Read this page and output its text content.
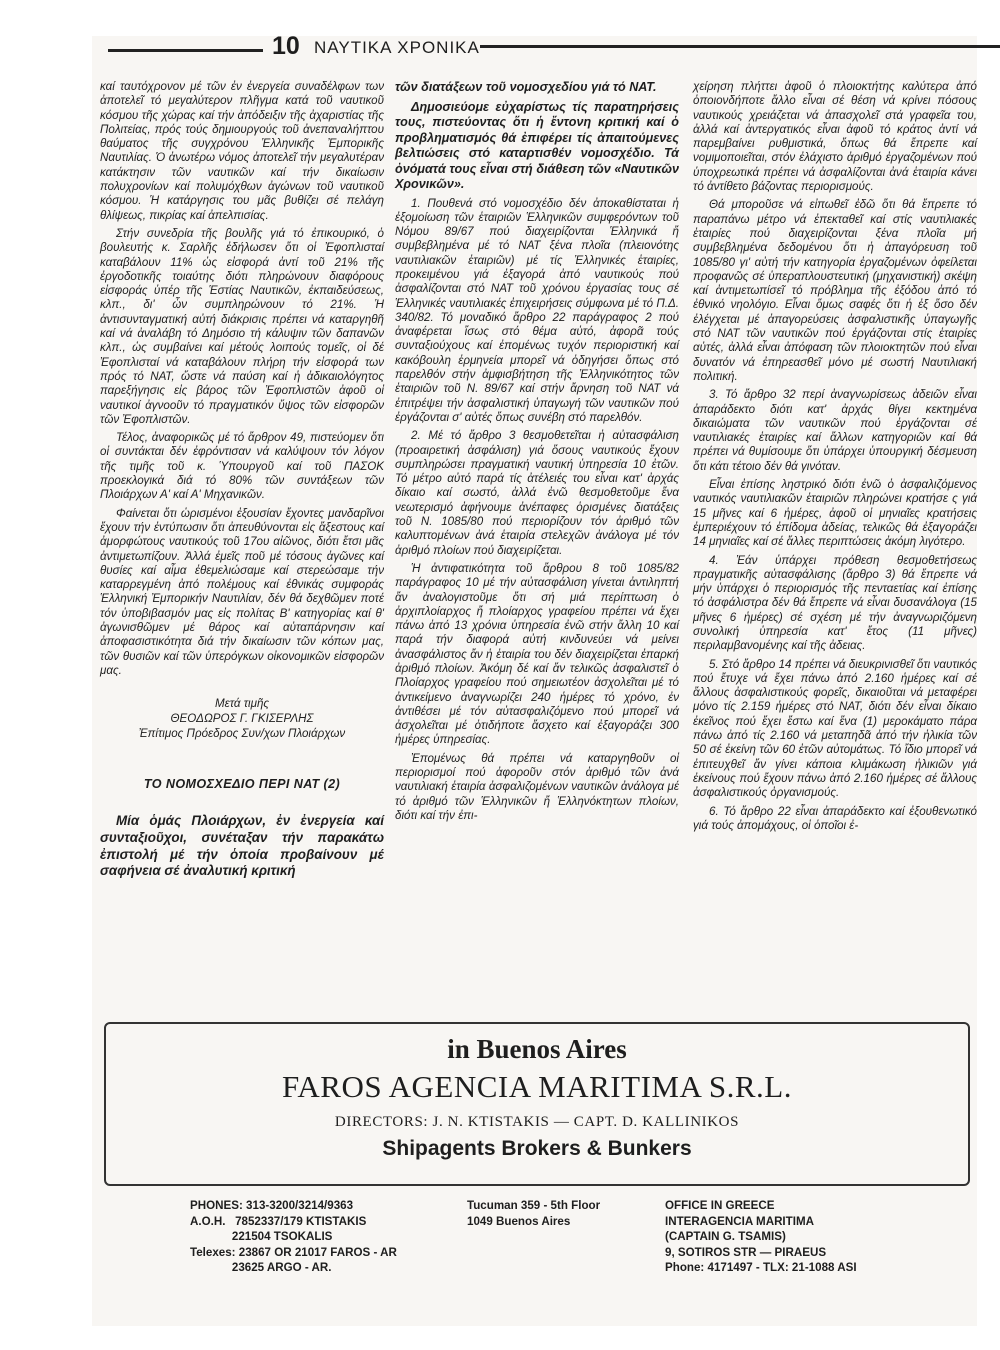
10 ΝΑΥΤΙΚΑ ΧΡΟΝΙΚΑ

καί ταυτόχρονον μέ τῶν ἐν ἐνεργεία συναδέλφων των ἀποτελεῖ τό μεγαλύτερον πλῆγμα κατά τοῦ ναυτικοῦ κόσμου τῆς χώρας καί τήν ἀπόδειξιν τῆς ἀχαριστίας τῆς Πολιτείας, πρός τούς δημιουργούς τοῦ ἀνεπαναλήπτου θαύματος τῆς συγχρόνου Ἑλληνικῆς Ἐμπορικῆς Ναυτιλίας. Ὁ ἀνωτέρω νόμος ἀποτελεῖ τήν μεγαλυτέραν κατάκτησιν τῶν ναυτικῶν καί τήν δικαίωσιν πολυχρονίων καί πολυμόχθων ἀγώνων τοῦ ναυτικοῦ κόσμου. Ἡ κατάργησις του μᾶς βυθίζει σέ πελάγη θλίψεως, πικρίας καί ἀπελπισίας.

Στήν συνεδρία τῆς βουλῆς γιά τό ἐπικουρικό, ὁ βουλευτής κ. Σαρλῆς ἐδήλωσεν ὅτι οἱ Ἐφοπλισταί καταβάλουν 11% ὡς εἰσφορά ἀντί τοῦ 21% τῆς ἐργοδοτικῆς τοιαύτης διότι πληρώνουν διαφόρους εἰσφοράς ὑπέρ τῆς Ἑστίας Ναυτικῶν, ἐκπαιδεύσεως, κλπ., δι' ὧν συμπληρώνουν τό 21%. Ἡ ἀντισυνταγματική αὐτή διάκρισις πρέπει νά καταργηθῆ καί νά ἀναλάβη τό Δημόσιο τή κάλυψιν τῶν δαπανῶν κλπ., ὡς συμβαίνει καί μέτούς λοιπούς τομεῖς, οἱ δέ Ἐφοπλισταί νά καταβάλουν πλήρη τήν εἰσφορά των πρός τό ΝΑΤ, ὥστε νά παύση καί ἡ ἀδικαιολόγητος παρεξήγησις εἰς βάρος τῶν Ἐφοπλιστῶν ἀφοῦ οἱ ναυτικοί ἀγνοοῦν τό πραγματικόν ὕψος τῶν εἰσφορῶν τῶν Ἐφοπλιστῶν.

Τέλος, ἀναφορικῶς μέ τό ἄρθρον 49, πιστεύομεν ὅτι οἱ συντάκται δέν ἐφρόντισαν νά καλύψουν τόν λόγον τῆς τιμῆς τοῦ κ. Ὑπουργοῦ καί τοῦ ΠΑΣΟΚ προεκλογικά διά τό 80% τῶν συντάξεων τῶν Πλοιάρχων Α' καί Α' Μηχανικῶν.

Φαίνεται ὅτι ὡρισμένοι ἐξουσίαν ἔχοντες μανδαρῖνοι ἔχουν τήν ἐντύπωσιν ὅτι ἀπευθύνονται εἰς ἄξεστους καί ἀμορφώτους ναυτικούς τοῦ 17ου αἰῶνος, διότι ἔτσι μᾶς ἀντιμετωπίζουν. Ἀλλά ἐμεῖς ποῦ μέ τόσους ἀγῶνες καί θυσίες καί αἷμα ἐθεμελιώσαμε καί στερεώσαμε τήν καταρρεγμένη ἀπό πολέμους καί ἐθνικάς συμφοράς Ἑλληνική Ἐμπορικήν Ναυτιλίαν, δέν θά δεχθῶμεν ποτέ τόν ὑποβιβασμόν μας εἰς πολίτας Β' κατηγορίας καί θ' ἀγωνισθῶμεν μέ θάρος καί αὐταπάρνησιν καί ἀποφασιστικότητα διά τήν δικαίωσιν τῶν κόπων μας, τῶν θυσιῶν καί τῶν ὑπερόγκων οἰκονομικῶν εἰσφορῶν μας.

Μετά τιμῆς
ΘΕΟΔΩΡΟΣ Γ. ΓΚΙΣΕΡΛΗΣ
Ἐπίτιμος Πρόεδρος Συν/χων Πλοιάρχων
ΤΟ ΝΟΜΟΣΧΕΔΙΟ ΠΕΡΙ ΝΑΤ (2)
Μία ὁμάς Πλοιάρχων, ἐν ἐνεργεία καί συνταξιοῦχοι, συνέταξαν τήν παρακάτω ἐπιστολή μέ τήν ὁποία προβαίνουν μέ σαφήνεια σέ ἀναλυτική κριτική
τῶν διατάξεων τοῦ νομοσχεδίου γιά τό ΝΑΤ.
Δημοσιεύομε εὐχαρίστως τίς παρατηρήσεις τους, πιστεύοντας ὅτι ἡ ἔντονη κριτική καί ὁ προβληματισμός θά ἐπιφέρει τίς ἀπαιτούμενες βελτιώσεις στό καταρτισθέν νομοσχέδιο. Τά ὀνόματά τους εἶναι στή διάθεση τῶν «Ναυτικῶν Χρονικῶν».

1. Πουθενά στό νομοσχέδιο δέν ἀποκαθίσταται ἡ ἐξομοίωση τῶν ἑταιριῶν Ἑλληνικῶν συμφερόντων τοῦ Νόμου 89/67 πού διαχειρίζονται Ἑλληνικά ἤ συμβεβλημένα μέ τό ΝΑΤ ξένα πλοῖα (πλειονότης ναυτιλιακῶν ἑταιριῶν) μέ τίς Ἑλληνικές ἑταιρίες, προκειμένου γιά ἐξαγορά ἀπό ναυτικούς πού ἀσφαλίζονται στό ΝΑΤ τοῦ χρόνου ἐργασίας τους σέ Ἑλληνικές ναυτιλιακές ἐπιχειρήσεις σύμφωνα μέ τό Π.Δ. 340/82. Τό μοναδικό ἄρθρο 22 παράγραφος 2 πού ἀναφέρεται ἴσως στό θέμα αὐτό, ἀφορᾶ τούς συνταξιούχους καί ἐπομένως τυχόν περιοριστική καί κακόβουλη ἑρμηνεία μπορεῖ νά ὁδηγήσει ὅπως στό παρελθόν στήν ἀμφισβήτηση τῆς Ἑλληνικότητος τῶν ἑταιριῶν τοῦ Ν. 89/67 καί στήν ἄρνηση τοῦ ΝΑΤ νά ἐπιτρέψει τήν ἀσφαλιστική ὑπαγωγή τῶν ναυτικῶν πού ἐργάζονται σ' αὐτές ὅπως συνέβη στό παρελθόν.

2. Μέ τό ἄρθρο 3 θεσμοθετεῖται ἡ αὐτασφάλιση (προαιρετική ἀσφάλιση) γιά ὅσους ναυτικούς ἔχουν συμπληρώσει πραγματική ναυτική ὑπηρεσία 10 ἐτῶν. Τό μέτρο αὐτό παρά τίς ἀτέλειές του εἶναι κατ' ἀρχάς δίκαιο καί σωστό, ἀλλά ἐνῶ θεσμοθετοῦμε ἕνα νεωτερισμό ἀφήνουμε ἀνέπαφες ὁρισμένες διατάξεις τοῦ Ν. 1085/80 πού περιορίζουν τόν ἀριθμό τῶν καλυπτομένων ἀνά ἑταιρία στελεχῶν ἀνάλογα μέ τόν ἀριθμό πλοίων πού διαχειρίζεται.

Ἡ ἀντιφατικότητα τοῦ ἄρθρου 8 τοῦ 1085/82 παράγραφος 10 μέ τήν αὐτασφάλιση γίνεται ἀντιληπτή ἄν ἀναλογιστοῦμε ὅτι σή μιά περίπτωση ὁ ἀρχιπλοίαρχος ἤ πλοίαρχος γραφείου πρέπει νά ἔχει πάνω ἀπό 13 χρόνια ὑπηρεσία ἐνῶ στήν ἄλλη 10 καί παρά τήν διαφορά αὐτή κινδυνεύει νά μείνει ἀνασφάλιστος ἄν ἡ ἑταιρία του δέν διαχειρίζεται ἐπαρκή ἀριθμό πλοίων. Ἀκόμη δέ καί ἄν τελικῶς ἀσφαλιστεῖ ὁ Πλοίαρχος γραφείου πού σημειωτέον ἀσχολεῖται μέ τό ἀντικείμενο ἀναγνωρίζει 240 ἡμέρες τό χρόνο, ἐν ἀντιθέσει μέ τόν αὐτασφαλιζόμενο πού μπορεῖ νά ἀσχολεῖται μέ ὁτιδήποτε ἄσχετο καί ἐξαγοράζει 300 ἡμέρες ὑπηρεσίας.

Ἐπομένως θά πρέπει νά καταργηθοῦν οἱ περιορισμοί πού ἀφοροῦν στόν ἀριθμό τῶν ἀνά ναυτιλιακή ἑταιρία ἀσφαλιζομένων ναυτικῶν ἀνάλογα μέ τό ἀριθμό τῶν Ἑλληνικῶν ἤ Ἑλληνόκτητων πλοίων, διότι καί τήν ἐπι-

χείρηση πλήττει ἀφοῦ ὁ πλοιοκτήτης καλύτερα ἀπό ὁποιονδήποτε ἄλλο εἶναι σέ θέση νά κρίνει πόσους ναυτικούς χρειάζεται νά ἀπασχολεῖ στά γραφεῖα του, ἀλλά καί ἀντεργατικός εἶναι ἀφοῦ τό κράτος ἀντί νά παρεμβαίνει ρυθμιστικά, ὅπως θά ἔπρεπε καί νομιμοποιεῖται, στόν ἐλάχιστο ἀριθμό ἐργαζομένων πού ὑποχρεωτικά πρέπει νά ἀσφαλίζονται ἀνά ἑταιρία κάνει τό ἀντίθετο βάζοντας περιορισμούς.

Θά μποροῦσε νά εἰπωθεῖ ἐδῶ ὅτι θά ἔπρεπε τό παραπάνω μέτρο νά ἐπεκταθεῖ καί στίς ναυτιλιακές ἑταιρίες πού διαχειρίζονται ξένα πλοῖα μή συμβεβλημένα δεδομένου ὅτι ἡ ἀπαγόρευση τοῦ 1085/80 γι' αὐτή τήν κατηγορία ἐργαζομένων ὀφείλεται προφανῶς σέ ὑπεραπλουστευτική (μηχανιστική) σκέψη καί ἀντιμετωπίσεῖ τό πρόβλημα τῆς ἐξόδου ἀπό τό ἐθνικό νηολόγιο. Εἶναι ὅμως σαφές ὅτι ἡ ἐξ ὅσο δέν ἐλέγχεται μέ ἀπαγορεύσεις ἀσφαλιστικῆς ὑπαγωγῆς στό ΝΑΤ τῶν ναυτικῶν πού ἐργάζονται στίς ἑταιρίες αὐτές, ἀλλά εἶναι ἀπόφαση τῶν πλοιοκτητῶν πού εἶναι δυνατόν νά ἐπηρεασθεῖ μόνο μέ σωστή Ναυτιλιακή πολιτική.

3. Τό ἄρθρο 32 περί ἀναγνωρίσεως ἀδειῶν εἶναι ἀπαράδεκτο διότι κατ' ἀρχάς θίγει κεκτημένα δικαιώματα τῶν ναυτικῶν πού ἐργάζονται σέ ναυτιλιακές ἑταιρίες καί ἄλλων κατηγοριῶν καί θά πρέπει νά θυμίσουμε ὅτι ὑπάρχει ὑπουργική δέσμευση ὅτι κάτι τέτοιο δέν θά γινόταν.

Εἶναι ἐπίσης ληστρικό διότι ἐνῶ ὁ ἀσφαλιζόμενος ναυτικός ναυτιλιακῶν ἑταιριῶν πληρώνει κρατήσε ς γιά 15 μῆνες καί 6 ἡμέρες, ἀφοῦ οἱ μηνιαῖες κρατήσεις ἐμπεριέχουν τό ἐπίδομα ἀδείας, τελικῶς θά ἐξαγοράζει 14 μηνιαῖες καί σέ ἄλλες περιπτώσεις ἀκόμη λιγότερο.

4. Ἐάν ὑπάρχει πρόθεση θεσμοθετήσεως πραγματικῆς αὐτασφάλισης (ἄρθρο 3) θά ἔπρεπε νά μήν ὑπάρχει ὁ περιορισμός τῆς πενταετίας καί ἐπίσης τό ἀσφάλιστρα δέν θά ἔπρεπε νά εἶναι δυσανάλογα (15 μῆνες 6 ἡμέρες) σέ σχέση μέ τήν ἀναγνωριζόμενη συνολική ὑπηρεσία κατ' ἔτος (11 μῆνες) περιλαμβανομένης καί τῆς ἀδειας.

5. Στό ἄρθρο 14 πρέπει νά διευκρινισθεῖ ὅτι ναυτικός πού ἔτυχε νά ἔχει πάνω ἀπό 2.160 ἡμέρες καί σέ ἄλλους ἀσφαλιστικούς φορεῖς, δικαιοῦται νά μεταφέρει μόνο τίς 2.159 ἡμέρες στό ΝΑΤ, διότι δέν εἶναι δίκαιο ἐκεῖνος πού ἔχει ἔστω καί ἕνα (1) μεροκάματο πάρα πάνω ἀπό τίς 2.160 νά μεταπηδᾶ ἀπό τήν ἡλικία τῶν 50 σέ ἐκείνη τῶν 60 ἐτῶν αὐτομάτως. Τό ἴδιο μπορεῖ νά ἐπιτευχθεῖ ἄν γίνει κάποια κλιμάκωση ἡλικιῶν γιά ἐκείνους πού ἔχουν πάνω ἀπό 2.160 ἡμέρες σέ ἄλλους ἀσφαλιστικούς ὀργανισμούς.

6. Τό ἄρθρο 22 εἶναι ἀπαράδεκτο καί ἐξουθενωτικό γιά τούς ἀπομάχους, οἱ ὁποῖοι ἐ-

in Buenos Aires
FAROS AGENCIA MARITIMA S.R.L.
DIRECTORS: J. N. KTISTAKIS — CAPT. D. KALLINIKOS
Shipagents Brokers & Bunkers
PHONES: 313-3200/3214/9363
A.O.H.   7852337/179 KTISTAKIS
221504 TSOKALIS
Telexes: 23867 OR 21017 FAROS - AR
23625 ARGO - AR.
Tucuman 359 - 5th Floor
1049 Buenos Aires
OFFICE IN GREECE
INTERAGENCIA MARITIMA
(CAPTAIN G. TSAMIS)
9, SOTIROS STR — PIRAEUS
Phone: 4171497 - TLX: 21-1088 ASI
